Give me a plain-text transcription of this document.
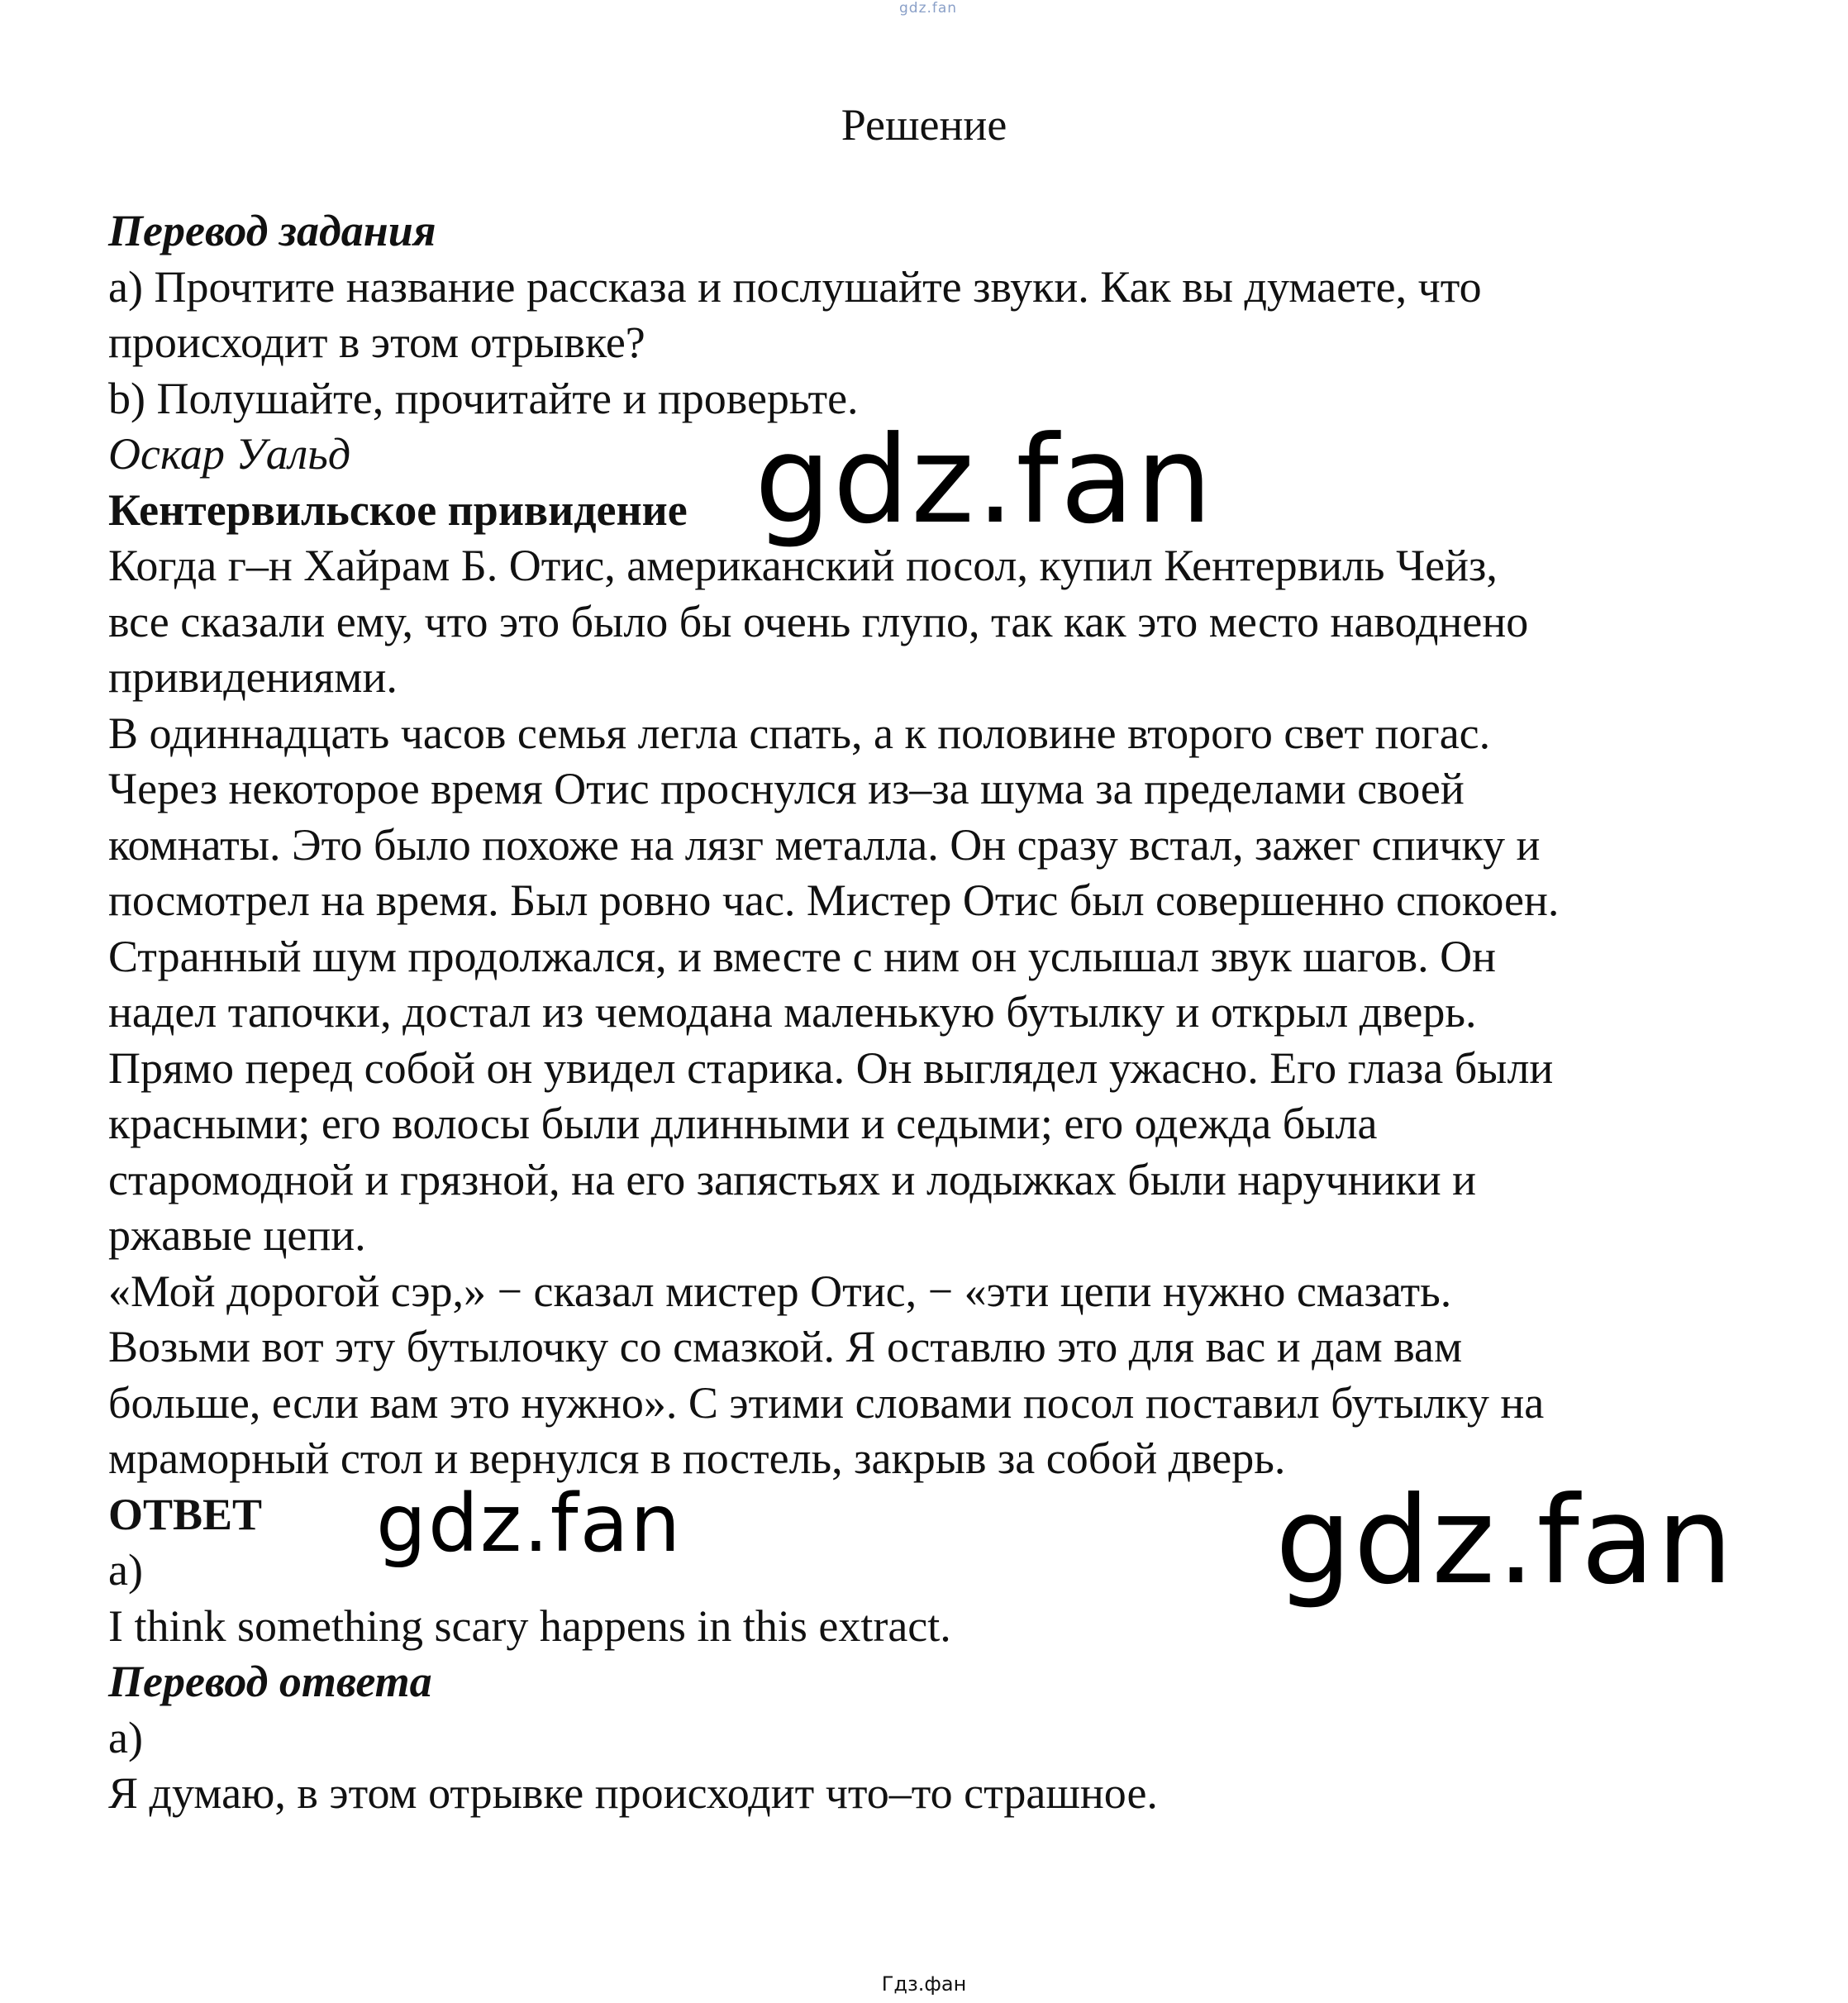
gdz.fan
Решение
Перевод задания
a) Прочтите название рассказа и послушайте звуки. Как вы думаете, что
происходит в этом отрывке?
b) Полушайте, прочитайте и проверьте.
Оскар Уальд
Кентервильское привидение
Когда г–н Хайрам Б. Отис, американский посол, купил Кентервиль Чейз,
все сказали ему, что это было бы очень глупо, так как это место наводнено
привидениями.
В одиннадцать часов семья легла спать, а к половине второго свет погас.
Через некоторое время Отис проснулся из–за шума за пределами своей
комнаты. Это было похоже на лязг металла. Он сразу встал, зажег спичку и
посмотрел на время. Был ровно час. Мистер Отис был совершенно спокоен.
Странный шум продолжался, и вместе с ним он услышал звук шагов. Он
надел тапочки, достал из чемодана маленькую бутылку и открыл дверь.
Прямо перед собой он увидел старика. Он выглядел ужасно. Его глаза были
красными; его волосы были длинными и седыми; его одежда была
старомодной и грязной, на его запястьях и лодыжках были наручники и
ржавые цепи.
«Мой дорогой сэр,» − сказал мистер Отис, − «эти цепи нужно смазать.
Возьми вот эту бутылочку со смазкой. Я оставлю это для вас и дам вам
больше, если вам это нужно». С этими словами посол поставил бутылку на
мраморный стол и вернулся в постель, закрыв за собой дверь.
ОТВЕТ
a)
I think something scary happens in this extract.
Перевод ответа
a)
Я думаю, в этом отрывке происходит что–то страшное.
gdz.fan
gdz.fan	gdz.fan
Гдз.фан
